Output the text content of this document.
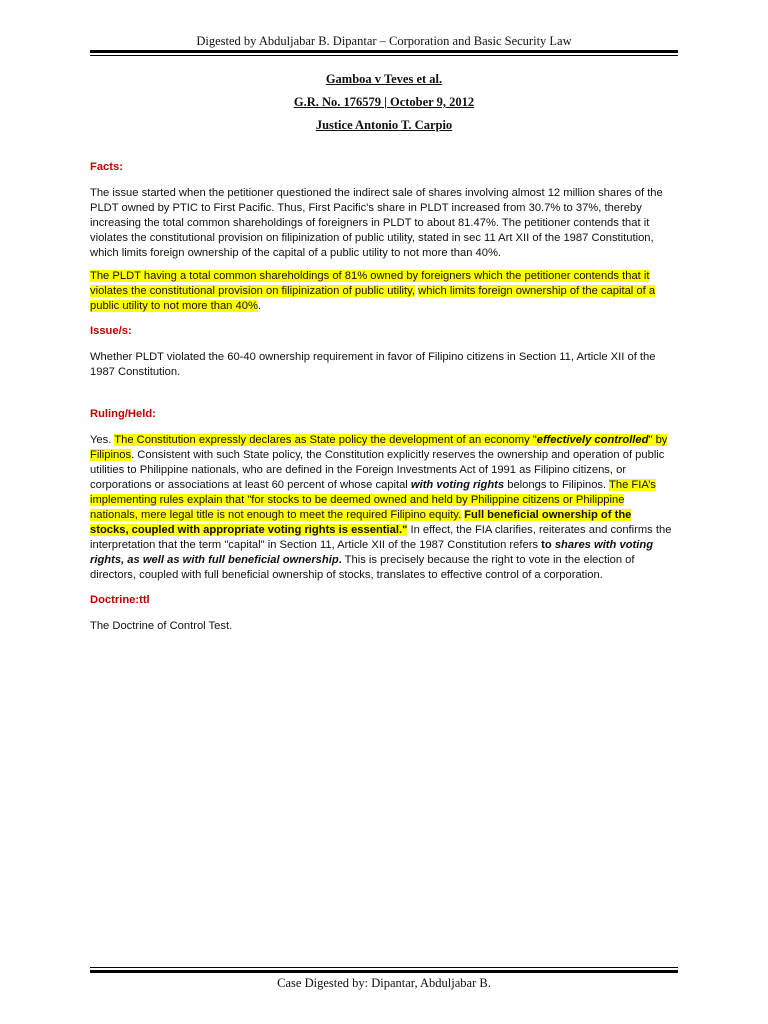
Digested by Abduljabar B. Dipantar – Corporation and Basic Security Law
Gamboa v Teves et al.
G.R. No. 176579 | October 9, 2012
Justice Antonio T. Carpio
Facts:

The issue started when the petitioner questioned the indirect sale of shares involving almost 12 million shares of the PLDT owned by PTIC to First Pacific. Thus, First Pacific's share in PLDT increased from 30.7% to 37%, thereby increasing the total common shareholdings of foreigners in PLDT to about 81.47%. The petitioner contends that it violates the constitutional provision on filipinization of public utility, stated in sec 11 Art XII of the 1987 Constitution, which limits foreign ownership of the capital of a public utility to not more than 40%.

The PLDT having a total common shareholdings of 81% owned by foreigners which the petitioner contends that it violates the constitutional provision on filipinization of public utility, which limits foreign ownership of the capital of a public utility to not more than 40%.

Issue/s:

Whether PLDT violated the 60-40 ownership requirement in favor of Filipino citizens in Section 11, Article XII of the 1987 Constitution.

Ruling/Held:

Yes. The Constitution expressly declares as State policy the development of an economy "effectively controlled" by Filipinos. Consistent with such State policy, the Constitution explicitly reserves the ownership and operation of public utilities to Philippine nationals, who are defined in the Foreign Investments Act of 1991 as Filipino citizens, or corporations or associations at least 60 percent of whose capital with voting rights belongs to Filipinos. The FIA’s implementing rules explain that "for stocks to be deemed owned and held by Philippine citizens or Philippine nationals, mere legal title is not enough to meet the required Filipino equity. Full beneficial ownership of the stocks, coupled with appropriate voting rights is essential." In effect, the FIA clarifies, reiterates and confirms the interpretation that the term "capital" in Section 11, Article XII of the 1987 Constitution refers to shares with voting rights, as well as with full beneficial ownership. This is precisely because the right to vote in the election of directors, coupled with full beneficial ownership of stocks, translates to effective control of a corporation.

Doctrine:ttl

The Doctrine of Control Test.

Case Digested by: Dipantar, Abduljabar B.
